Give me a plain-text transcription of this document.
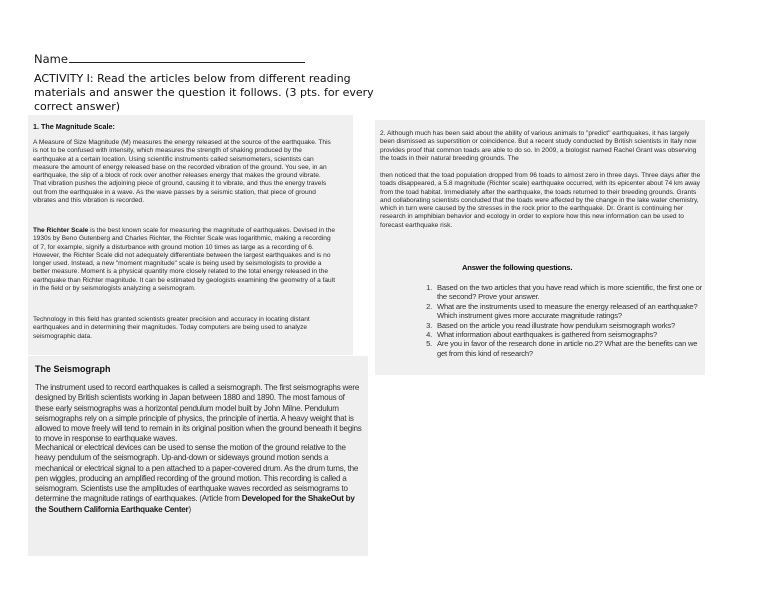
Name
ACTIVITY I: Read the articles below from different reading materials and answer the question it follows. (3 pts. for every correct answer)
1. The Magnitude Scale:
A Measure of Size Magnitude (M) measures the energy released at the source of the earthquake. This is not to be confused with intensity, which measures the strength of shaking produced by the earthquake at a certain location. Using scientific instruments called seismometers, scientists can measure the amount of energy released base on the recorded vibration of the ground. You see, in an earthquake, the slip of a block of rock over another releases energy that makes the ground vibrate. That vibration pushes the adjoining piece of ground, causing it to vibrate, and thus the energy travels out from the earthquake in a wave. As the wave passes by a seismic station, that piece of ground vibrates and this vibration is recorded.
The Richter Scale is the best known scale for measuring the magnitude of earthquakes. Devised in the 1930s by Beno Gutenberg and Charles Richter, the Richter Scale was logarithmic, making a recording of 7, for example, signify a disturbance with ground motion 10 times as large as a recording of 6. However, the Richter Scale did not adequately differentiate between the largest earthquakes and is no longer used. Instead, a new "moment magnitude" scale is being used by seismologists to provide a better measure. Moment is a physical quantity more closely related to the total energy released in the earthquake than Richter magnitude. It can be estimated by geologists examining the geometry of a fault in the field or by seismologists analyzing a seismogram.
Technology in this field has granted scientists greater precision and accuracy in locating distant earthquakes and in determining their magnitudes. Today computers are being used to analyze seismographic data.
The Seismograph
The instrument used to record earthquakes is called a seismograph. The first seismographs were designed by British scientists working in Japan between 1880 and 1890. The most famous of these early seismographs was a horizontal pendulum model built by John Milne. Pendulum seismographs rely on a simple principle of physics, the principle of inertia. A heavy weight that is allowed to move freely will tend to remain in its original position when the ground beneath it begins to move in response to earthquake waves.
Mechanical or electrical devices can be used to sense the motion of the ground relative to the heavy pendulum of the seismograph. Up-and-down or sideways ground motion sends a mechanical or electrical signal to a pen attached to a paper-covered drum. As the drum turns, the pen wiggles, producing an amplified recording of the ground motion. This recording is called a seismogram. Scientists use the amplitudes of earthquake waves recorded as seismograms to determine the magnitude ratings of earthquakes. (Article from Developed for the ShakeOut by the Southern California Earthquake Center)
2. Although much has been said about the ability of various animals to "predict" earthquakes, it has largely been dismissed as superstition or coincidence. But a recent study conducted by British scientists in Italy now provides proof that common toads are able to do so. In 2009, a biologist named Rachel Grant was observing the toads in their natural breeding grounds. The
then noticed that the toad population dropped from 96 toads to almost zero in three days. Three days after the toads disappeared, a 5.8 magnitude (Richter scale) earthquake occurred, with its epicenter about 74 km away from the toad habitat. Immediately after the earthquake, the toads returned to their breeding grounds. Grants and collaborating scientists concluded that the toads were affected by the change in the lake water chemistry, which in turn were caused by the stresses in the rock prior to the earthquake. Dr. Grant is continuing her research in amphibian behavior and ecology in order to explore how this new information can be used to forecast earthquake risk.
Answer the following questions.
1. Based on the two articles that you have read which is more scientific, the first one or the second? Prove your answer.
2. What are the instruments used to measure the energy released of an earthquake? Which instrument gives more accurate magnitude ratings?
3. Based on the article you read illustrate how pendulum seismograph works?
4. What information about earthquakes is gathered from seismographs?
5. Are you in favor of the research done in article no.2? What are the benefits can we get from this kind of research?
